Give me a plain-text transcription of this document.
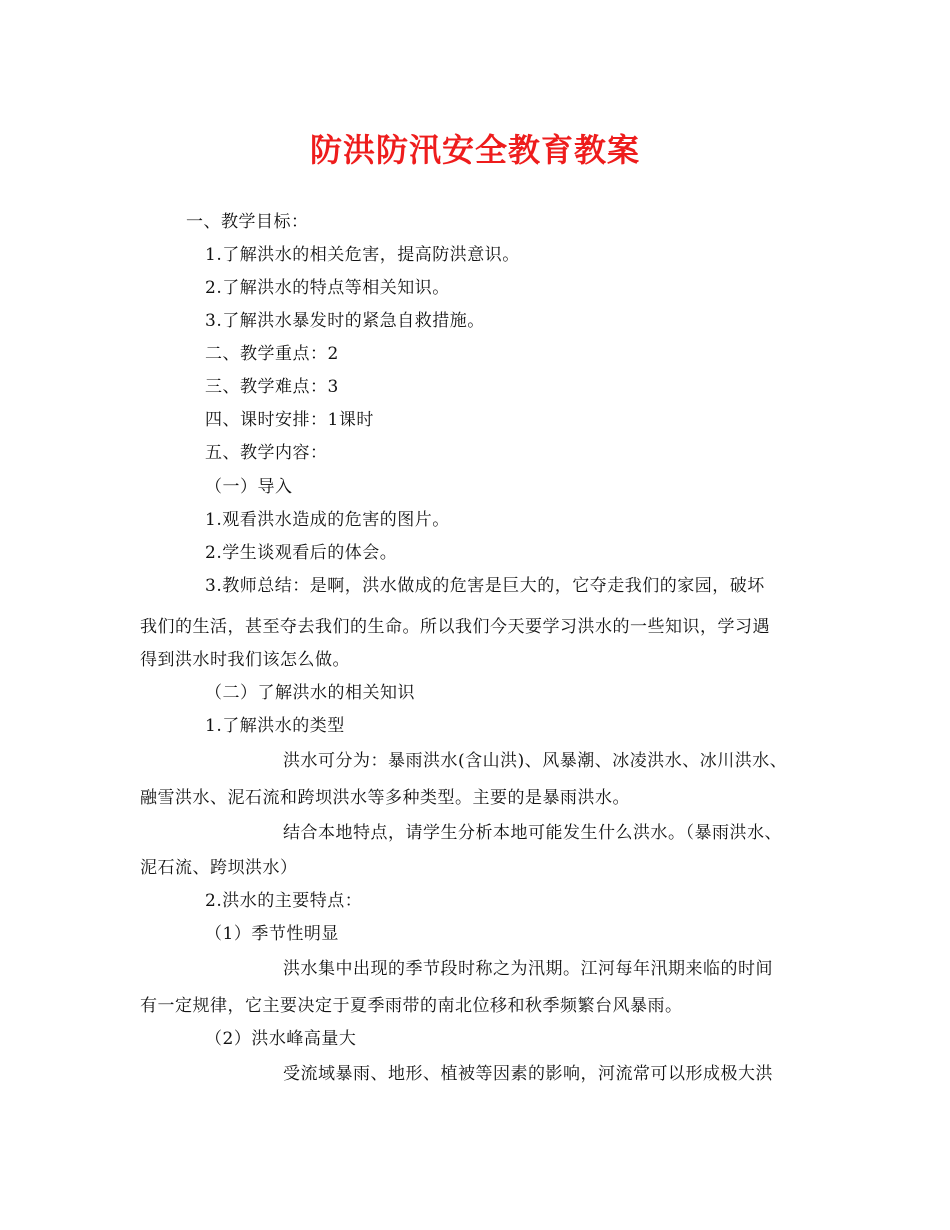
防洪防汛安全教育教案
一、教学目标：
1.了解洪水的相关危害，提高防洪意识。
2.了解洪水的特点等相关知识。
3.了解洪水暴发时的紧急自救措施。
二、教学重点：2
三、教学难点：3
四、课时安排：1课时
五、教学内容：
（一）导入
1.观看洪水造成的危害的图片。
2.学生谈观看后的体会。
3.教师总结：是啊，洪水做成的危害是巨大的，它夺走我们的家园，破坏
我们的生活，甚至夺去我们的生命。所以我们今天要学习洪水的一些知识，学习遇
得到洪水时我们该怎么做。
（二）了解洪水的相关知识
1.了解洪水的类型
洪水可分为：暴雨洪水(含山洪)、风暴潮、冰凌洪水、冰川洪水、
融雪洪水、泥石流和跨坝洪水等多种类型。主要的是暴雨洪水。
结合本地特点，请学生分析本地可能发生什么洪水。（暴雨洪水、
泥石流、跨坝洪水）
2.洪水的主要特点：
（1）季节性明显
洪水集中出现的季节段时称之为汛期。江河每年汛期来临的时间
有一定规律，它主要决定于夏季雨带的南北位移和秋季频繁台风暴雨。
（2）洪水峰高量大
受流域暴雨、地形、植被等因素的影响，河流常可以形成极大洪
